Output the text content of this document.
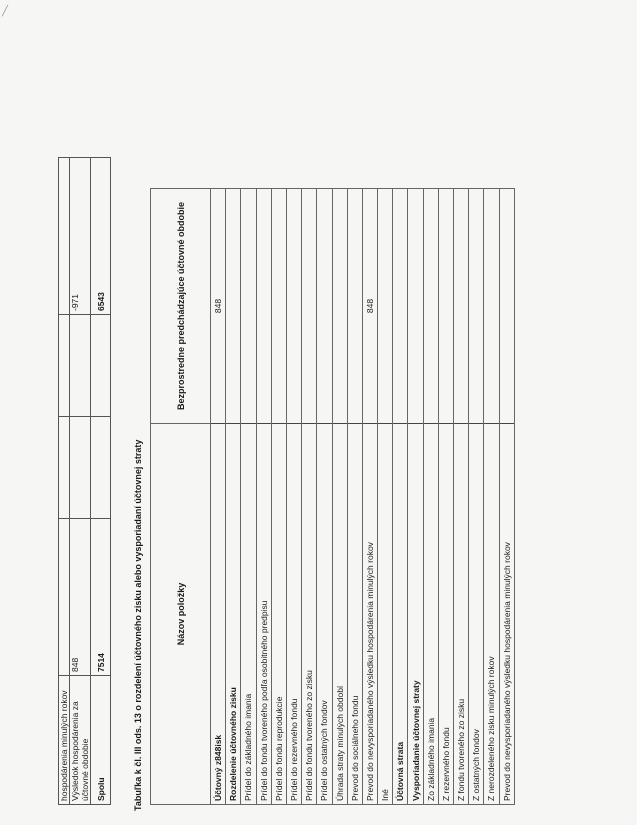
╱
hospodárenia minulých rokov				
Výsledok hospodárenia za účtovné obdobie	848			-971
Spolu	7514			6543
Tabuľka k čl. III ods. 13 o rozdelení účtovného zisku alebo vysporiadaní účtovnej straty	Názov položky	Bezprostredne predchádzajúce účtovné obdobie
Účtovný z848isk	848
Rozdelenie účtovného zisku	
Prídel do základného imania	
Prídel do fondu tvoreného podľa osobitného predpisu	
Prídel do fondu reprodukcie	
Prídel do rezervného fondu	
Prídel do fondu tvoreného zo zisku	
Prídel do ostatných fondov	
Úhrada straty minulých období	
Prevod do sociálneho fondu	
Prevod do nevysporiadaného výsledku hospodárenia minulých rokov	848
Iné	
Účtovná strata	
Vysporiadanie účtovnej straty	
Zo základného imania	
Z rezervného fondu	
Z fondu tvoreného zo zisku	
Z ostatných fondov	
Z nerozdeleného zisku minulých rokov	
Prevod do nevysporiadaného výsledku hospodárenia minulých rokov	
